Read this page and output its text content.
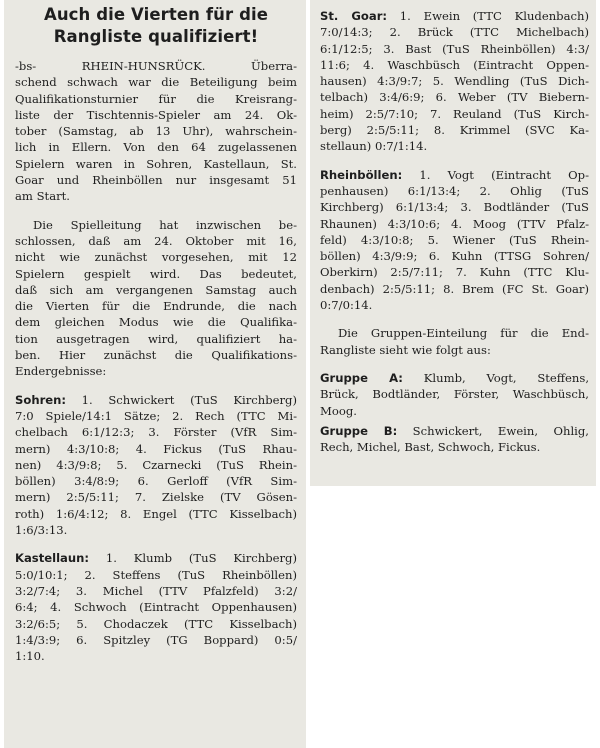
Auch die Vierten für die
Rangliste qualifiziert!

-bs- RHEIN-HUNSRÜCK. Überra-
schend schwach war die Beteiligung beim
Qualifikationsturnier für die Kreisrang-
liste der Tischtennis-Spieler am 24. Ok-
tober (Samstag, ab 13 Uhr), wahrschein-
lich in Ellern. Von den 64 zugelassenen
Spielern waren in Sohren, Kastellaun, St.
Goar und Rheinböllen nur insgesamt 51
am Start.

Die Spielleitung hat inzwischen be-
schlossen, daß am 24. Oktober mit 16,
nicht wie zunächst vorgesehen, mit 12
Spielern gespielt wird. Das bedeutet,
daß sich am vergangenen Samstag auch
die Vierten für die Endrunde, die nach
dem gleichen Modus wie die Qualifika-
tion ausgetragen wird, qualifiziert ha-
ben. Hier zunächst die Qualifikations-
Endergebnisse:

Sohren: 1. Schwickert (TuS Kirchberg)
7:0 Spiele/14:1 Sätze; 2. Rech (TTC Mi-
chelbach 6:1/12:3; 3. Förster (VfR Sim-
mern) 4:3/10:8; 4. Fickus (TuS Rhau-
nen) 4:3/9:8; 5. Czarnecki (TuS Rhein-
böllen) 3:4/8:9; 6. Gerloff (VfR Sim-
mern) 2:5/5:11; 7. Zielske (TV Gösen-
roth) 1:6/4:12; 8. Engel (TTC Kisselbach)
1:6/3:13.

Kastellaun: 1. Klumb (TuS Kirchberg)
5:0/10:1; 2. Steffens (TuS Rheinböllen)
3:2/7:4; 3. Michel (TTV Pfalzfeld) 3:2/
6:4; 4. Schwoch (Eintracht Oppenhausen)
3:2/6:5; 5. Chodaczek (TTC Kisselbach)
1:4/3:9; 6. Spitzley (TG Boppard) 0:5/
1:10.

St. Goar: 1. Ewein (TTC Kludenbach)
7:0/14:3; 2. Brück (TTC Michelbach)
6:1/12:5; 3. Bast (TuS Rheinböllen) 4:3/
11:6; 4. Waschbüsch (Eintracht Oppen-
hausen) 4:3/9:7; 5. Wendling (TuS Dich-
telbach) 3:4/6:9; 6. Weber (TV Biebern-
heim) 2:5/7:10; 7. Reuland (TuS Kirch-
berg) 2:5/5:11; 8. Krimmel (SVC Ka-
stellaun) 0:7/1:14.

Rheinböllen: 1. Vogt (Eintracht Op-
penhausen) 6:1/13:4; 2. Ohlig (TuS
Kirchberg) 6:1/13:4; 3. Bodtländer (TuS
Rhaunen) 4:3/10:6; 4. Moog (TTV Pfalz-
feld) 4:3/10:8; 5. Wiener (TuS Rhein-
böllen) 4:3/9:9; 6. Kuhn (TTSG Sohren/
Oberkirn) 2:5/7:11; 7. Kuhn (TTC Klu-
denbach) 2:5/5:11; 8. Brem (FC St. Goar)
0:7/0:14.

Die Gruppen-Einteilung für die End-
Rangliste sieht wie folgt aus:

Gruppe A: Klumb, Vogt, Steffens,
Brück, Bodtländer, Förster, Waschbüsch,
Moog.

Gruppe B: Schwickert, Ewein, Ohlig,
Rech, Michel, Bast, Schwoch, Fickus.
